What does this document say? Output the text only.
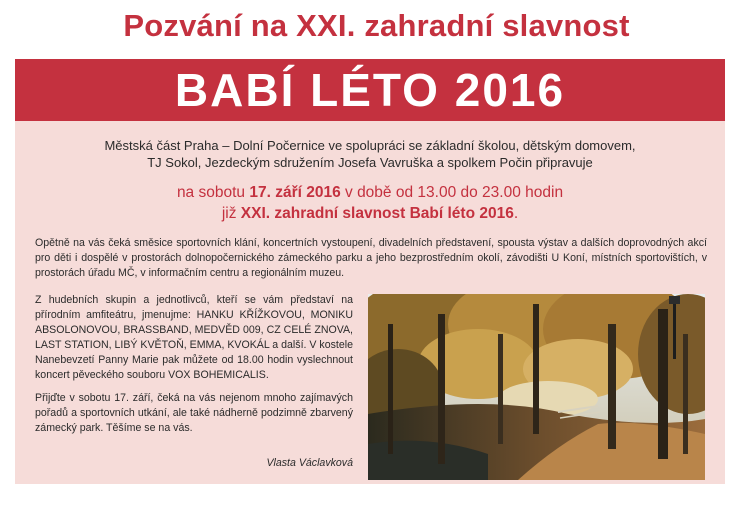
Pozvání na XXI. zahradní slavnost
BABÍ LÉTO 2016
Městská část Praha – Dolní Počernice ve spolupráci se základní školou, dětským domovem,
TJ Sokol, Jezdeckým sdružením Josefa Vavruška a spolkem Počin připravuje
na sobotu 17. září 2016 v době od 13.00 do 23.00 hodin
již XXI. zahradní slavnost Babí léto 2016.
Opětně na vás čeká směsice sportovních klání, koncertních vystoupení, divadelních představení, spousta výstav a dalších doprovodných akcí pro děti i dospělé v prostorách dolnopočernického zámeckého parku a jeho bezprostředním okolí, závodišti U Koní, místních sportovištích, v prostorách úřadu MČ, v informačním centru a regionálním muzeu.

Z hudebních skupin a jednotlivců, kteří se vám představí na přírodním amfiteátru, jmenujme: HANKU KŘÍŽKOVOU, MONIKU ABSOLONOVOU, BRASSBAND, MEDVĚD 009, CZ CELÉ ZNOVA, LAST STATION, LIBÝ KVĚTOŇ, EMMA, KVOKÁL a další. V kostele Nanebevzetí Panny Marie pak můžete od 18.00 hodin vyslechnout koncert pěveckého souboru VOX BOHEMICALIS.

Přijďte v sobotu 17. září, čeká na vás nejenom mnoho zajímavých pořadů a sportovních utkání, ale také nádherně podzimně zbarvený zámecký park. Těšíme se na vás.

Vlasta Václavková
